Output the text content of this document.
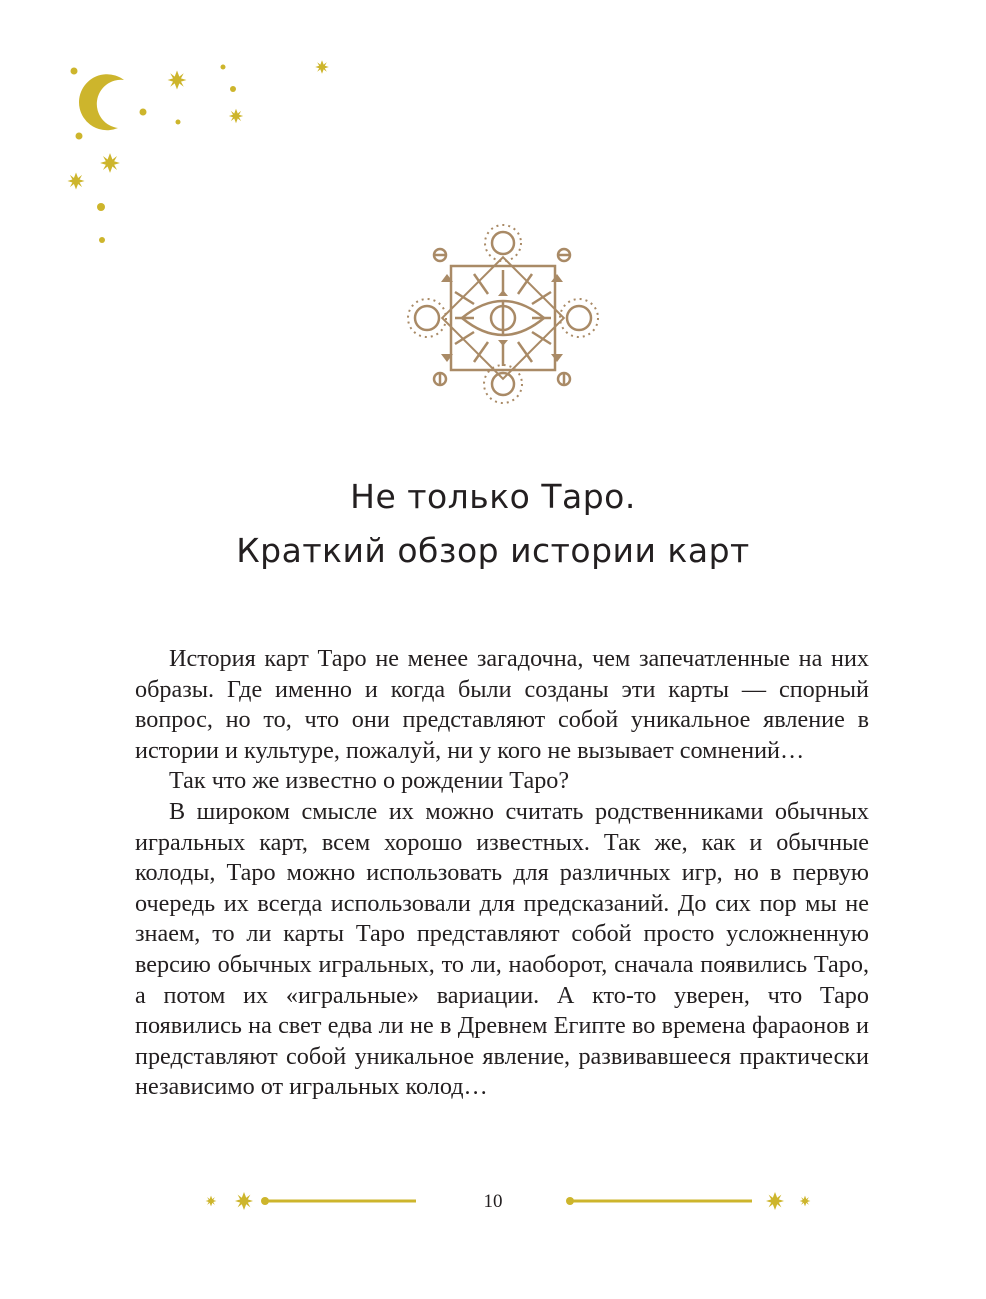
Не только Таро.
Краткий обзор истории карт

История карт Таро не менее загадочна, чем запечатленные на них образы. Где именно и когда были созданы эти карты — спорный вопрос, но то, что они представляют собой уникальное явление в истории и культуре, пожалуй, ни у кого не вызывает сомнений…

Так что же известно о рождении Таро?

В широком смысле их можно считать родственниками обычных игральных карт, всем хорошо известных. Так же, как и обычные колоды, Таро можно использовать для различных игр, но в первую очередь их всегда использовали для предсказаний. До сих пор мы не знаем, то ли карты Таро представляют собой просто усложненную версию обычных игральных, то ли, наоборот, сначала появились Таро, а потом их «игральные» вариации. А кто-то уверен, что Таро появились на свет едва ли не в Древнем Египте во времена фараонов и представляют собой уникальное явление, развивавшееся практически независимо от игральных колод…

10
